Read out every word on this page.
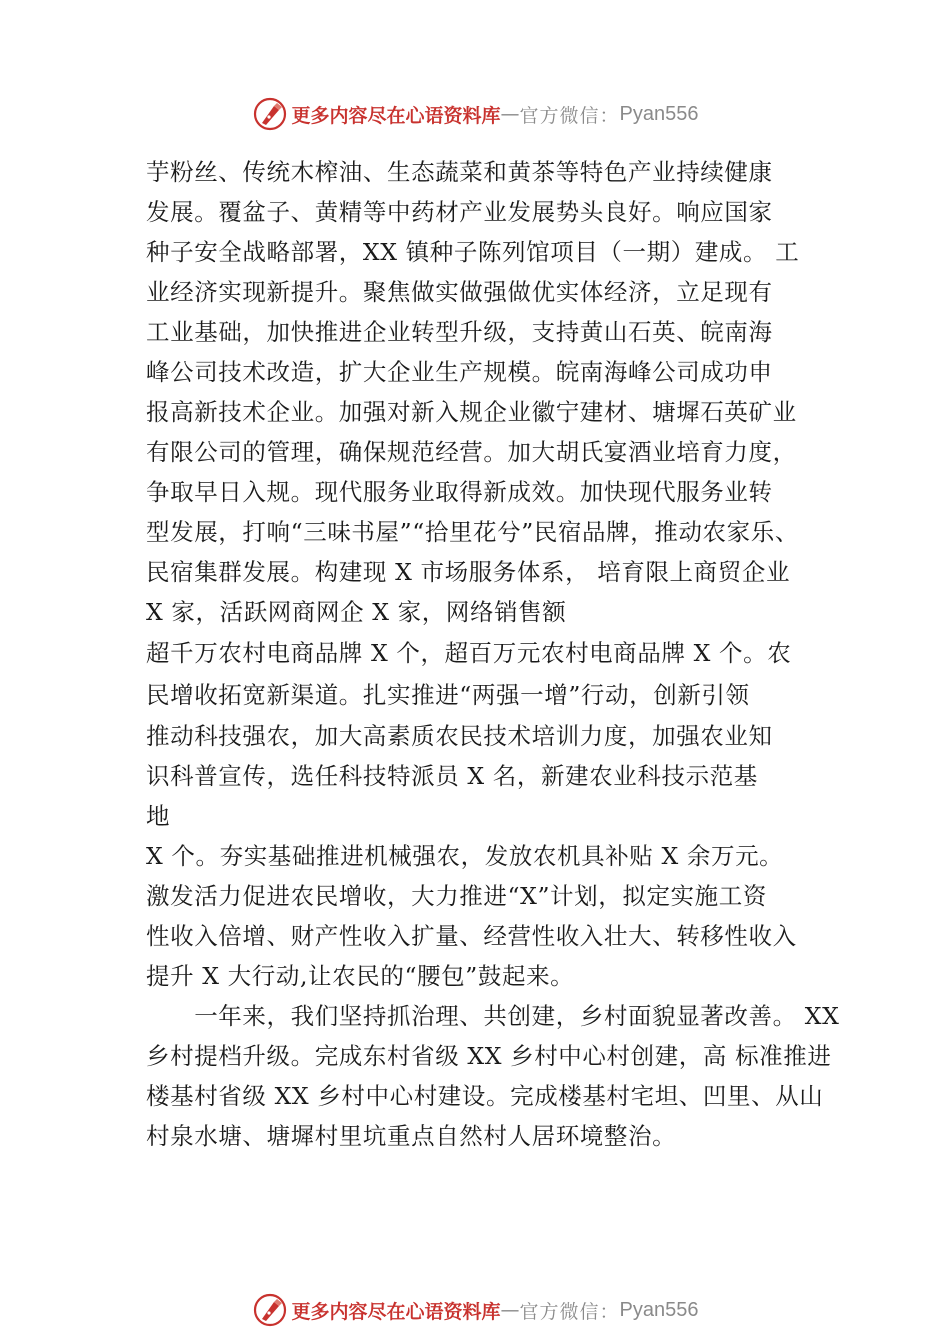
更多内容尽在心语资料库 — 官方微信： Pyan556
芋粉丝、传统木榨油、生态蔬菜和黄茶等特色产业持续健康
发展。覆盆子、黄精等中药材产业发展势头良好。响应国家
种子安全战略部署，XX 镇种子陈列馆项目（一期）建成。 工
业经济实现新提升。聚焦做实做强做优实体经济，立足现有
工业基础，加快推进企业转型升级，支持黄山石英、皖南海
峰公司技术改造，扩大企业生产规模。皖南海峰公司成功申
报高新技术企业。加强对新入规企业徽宁建材、塘墀石英矿业
有限公司的管理，确保规范经营。加大胡氏宴酒业培育力度，
争取早日入规。现代服务业取得新成效。加快现代服务业转
型发展，打响“三味书屋”“拾里花兮”民宿品牌，推动农家乐、
民宿集群发展。构建现 X 市场服务体系， 培育限上商贸企业
X 家，活跃网商网企 X 家，网络销售额
超千万农村电商品牌 X 个，超百万元农村电商品牌 X 个。农
民增收拓宽新渠道。扎实推进“两强一增”行动，创新引领
推动科技强农，加大高素质农民技术培训力度，加强农业知
识科普宣传，选任科技特派员 X 名，新建农业科技示范基
地
X 个。夯实基础推进机械强农，发放农机具补贴 X 余万元。
激发活力促进农民增收，大力推进“X”计划，拟定实施工资
性收入倍增、财产性收入扩量、经营性收入壮大、转移性收入
提升 X 大行动,让农民的“腰包”鼓起来。
　　一年来，我们坚持抓治理、共创建，乡村面貌显著改善。 XX
乡村提档升级。完成东村省级 XX 乡村中心村创建，高 标准推进
楼基村省级 XX 乡村中心村建设。完成楼基村宅坦、凹里、从山
村泉水塘、塘墀村里坑重点自然村人居环境整治。
更多内容尽在心语资料库 — 官方微信： Pyan556
